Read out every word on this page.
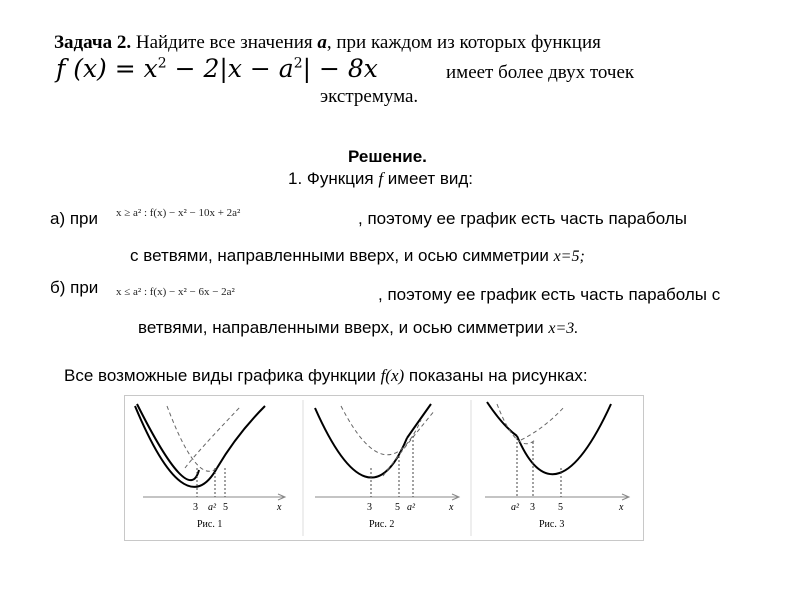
Задача 2. Найдите все значения а, при каждом из которых функция
f $(x) = x^2 - 2|x - a^2| - 8x$	имеет более двух точек
экстремума.
Решение.
1. Функция f имеет вид:
а) при x ≥ a² : f(x) − x² − 10x + 2a²	, поэтому ее график есть часть параболы
с ветвями, направленными вверх, и осью симметрии x=5;
б) при x ≤ a² : f(x) − x² − 6x − 2a²	, поэтому ее график есть часть параболы с
ветвями, направленными вверх, и осью симметрии x=3.
Все возможные виды графика функции f(x) показаны на рисунках:
3 a² 5	x
Рис. 1
3 5 a²	x
Рис. 2
a² 3 5	x
Рис. 3
